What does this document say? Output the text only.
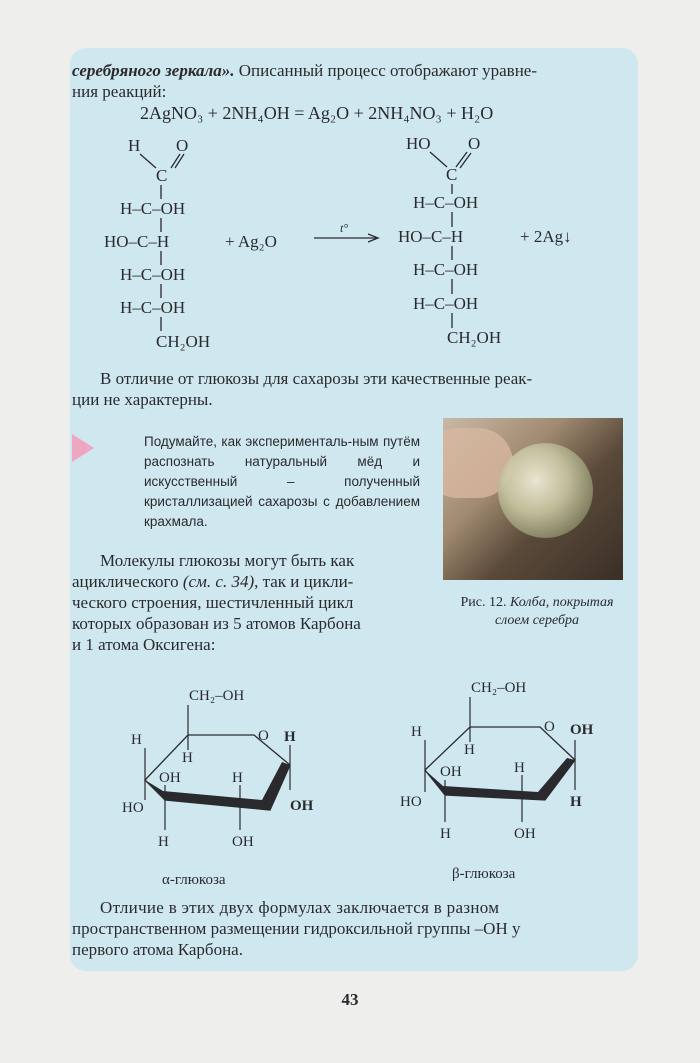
серебряного зеркала». Описанный процесс отображают уравне-
ния реакций:
2AgNO₃ + 2NH₄OH = Ag₂O + 2NH₄NO₃ + H₂O
H O
C
H–C–OH
HO–C–H
H–C–OH
H–C–OH
CH₂OH
+ Ag₂O
HO O
C
H–C–OH
HO–C–H
H–C–OH
H–C–OH
CH₂OH
+ 2Ag↓
t°
В отличие от глюкозы для сахарозы эти качественные реак-
ции не характерны.
Подумайте, как эксперименталь-ным путём распознать натуральный мёд и искусственный – полученный кристаллизацией сахарозы с добавлением крахмала.
Рис. 12. Колба, покрытая слоем серебра
Молекулы глюкозы могут быть как
ациклического (см. с. 34), так и цикли-
ческого строения, шестичленный цикл
которых образован из 5 атомов Карбона
и 1 атома Оксигена:
CH₂–OH
O
H
H
OH	H
H
HO	OH
H	OH
α-глюкоза
CH₂–OH
O
H
H
OH	H
OH
HO	H
H	OH
β-глюкоза
Отличие в этих двух формулах заключается в разном
пространственном размещении гидроксильной группы –ОН у
первого атома Карбона.
43
